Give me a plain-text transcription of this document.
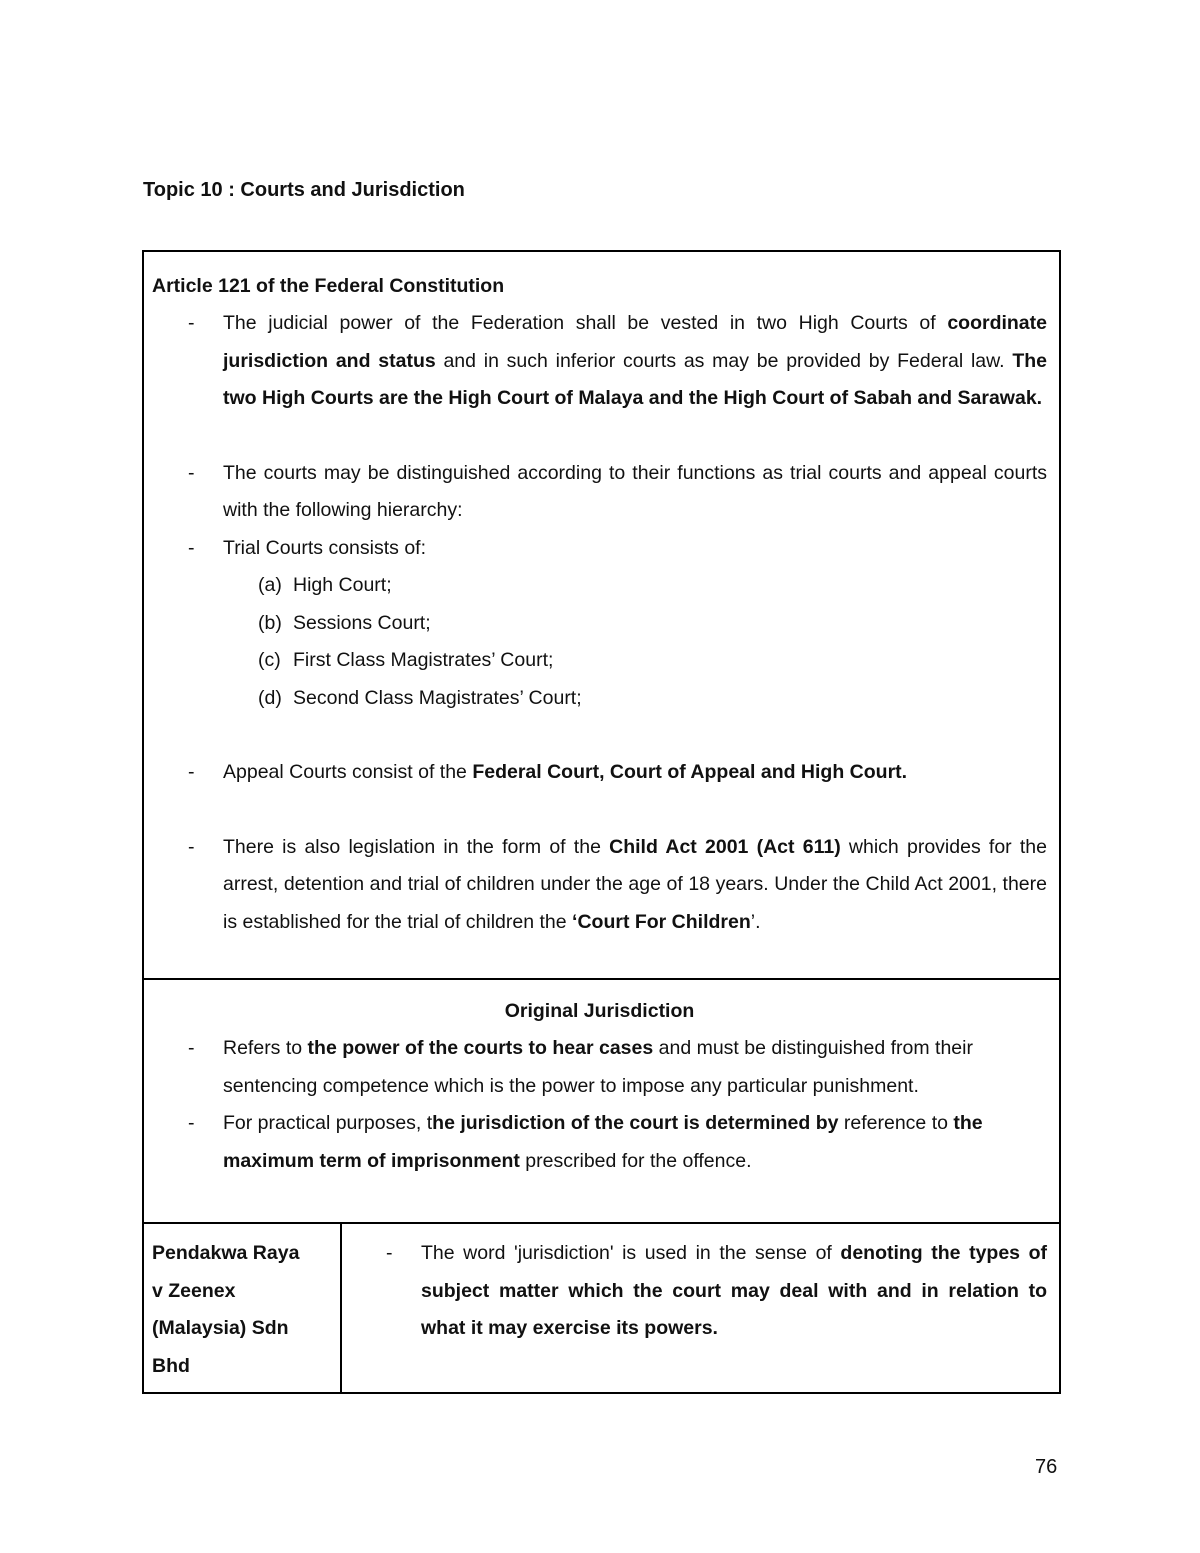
Topic 10 : Courts and Jurisdiction

Article 121 of the Federal Constitution
- The judicial power of the Federation shall be vested in two High Courts of coordinate jurisdiction and status and in such inferior courts as may be provided by Federal law. The two High Courts are the High Court of Malaya and the High Court of Sabah and Sarawak.
- The courts may be distinguished according to their functions as trial courts and appeal courts with the following hierarchy:
- Trial Courts consists of:
(a) High Court;
(b) Sessions Court;
(c) First Class Magistrates’ Court;
(d) Second Class Magistrates’ Court;
- Appeal Courts consist of the Federal Court, Court of Appeal and High Court.
- There is also legislation in the form of the Child Act 2001 (Act 611) which provides for the arrest, detention and trial of children under the age of 18 years. Under the Child Act 2001, there is established for the trial of children the ‘Court For Children’.

Original Jurisdiction
- Refers to the power of the courts to hear cases and must be distinguished from their sentencing competence which is the power to impose any particular punishment.
- For practical purposes, the jurisdiction of the court is determined by reference to the maximum term of imprisonment prescribed for the offence.

Pendakwa Raya
v Zeenex
(Malaysia) Sdn
Bhd

- The word 'jurisdiction' is used in the sense of denoting the types of subject matter which the court may deal with and in relation to what it may exercise its powers.
76
